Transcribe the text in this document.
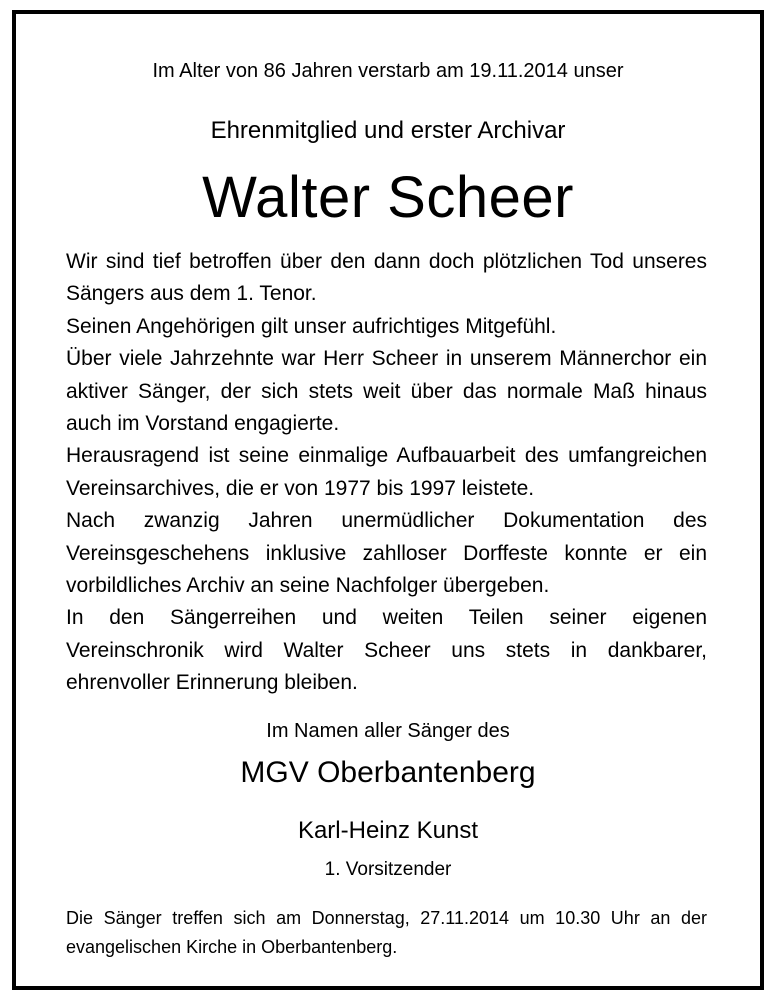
Im Alter von 86 Jahren verstarb am 19.11.2014 unser
Ehrenmitglied und erster Archivar
Walter Scheer

Wir sind tief betroffen über den dann doch plötzlichen Tod unseres Sängers aus dem 1. Tenor.

Seinen Angehörigen gilt unser aufrichtiges Mitgefühl.

Über viele Jahrzehnte war Herr Scheer in unserem Männerchor ein aktiver Sänger, der sich stets weit über das normale Maß hinaus auch im Vorstand engagierte.

Herausragend ist seine einmalige Aufbauarbeit des umfangreichen Vereinsarchives, die er von 1977 bis 1997 leistete.

Nach zwanzig Jahren unermüdlicher Dokumentation des Vereinsgeschehens inklusive zahlloser Dorffeste konnte er ein vorbildliches Archiv an seine Nachfolger übergeben.

In den Sängerreihen und weiten Teilen seiner eigenen Vereinschronik wird Walter Scheer uns stets in dankbarer, ehrenvoller Erinnerung bleiben.

Im Namen aller Sänger des
MGV Oberbantenberg
Karl-Heinz Kunst
1. Vorsitzender

Die Sänger treffen sich am Donnerstag, 27.11.2014 um 10.30 Uhr an der evangelischen Kirche in Oberbantenberg.
